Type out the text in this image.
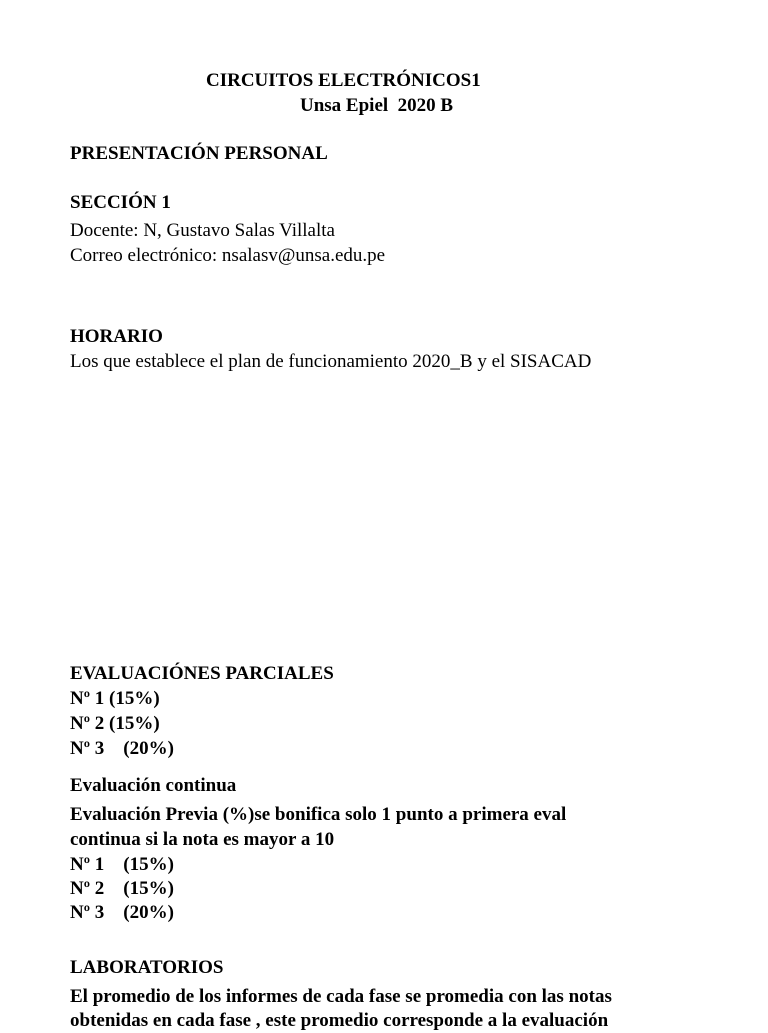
CIRCUITOS ELECTRÓNICOS1

Unsa Epiel  2020 B

PRESENTACIÓN PERSONAL

SECCIÓN 1

Docente: N, Gustavo Salas Villalta

Correo electrónico: nsalasv@unsa.edu.pe

HORARIO

Los que establece el plan de funcionamiento 2020_B y el SISACAD

EVALUACIÓNES PARCIALES

Nº 1 (15%)

Nº 2 (15%)

Nº 3    (20%)

Evaluación continua

Evaluación Previa (%)se bonifica solo 1 punto a primera eval

continua si la nota es mayor a 10

Nº 1    (15%)

Nº 2    (15%)

Nº 3    (20%)

LABORATORIOS

El promedio de los informes de cada fase se promedia con las notas

obtenidas en cada fase , este promedio corresponde a la evaluación
